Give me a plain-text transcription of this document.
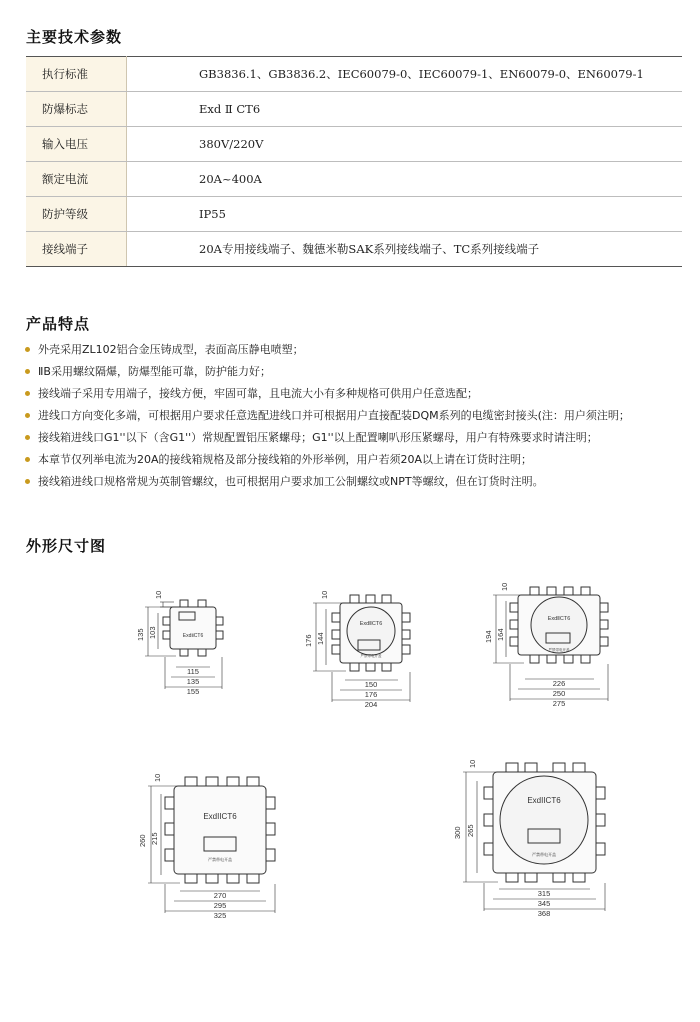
主要技术参数
执行标准	GB3836.1、GB3836.2、IEC60079-0、IEC60079-1、EN60079-0、EN60079-1
防爆标志	Exd Ⅱ CT6
输入电压	380V/220V
额定电流	20A~400A
防护等级	IP55
接线端子	20A专用接线端子、魏德米勒SAK系列接线端子、TC系列接线端子
产品特点
外壳采用ZL102铝合金压铸成型，表面高压静电喷塑；
ⅡB采用螺纹隔爆，防爆型能可靠，防护能力好；
接线端子采用专用端子，接线方便，牢固可靠，且电流大小有多种规格可供用户任意选配；
进线口方向变化多端，可根据用户要求任意选配进线口并可根据用户直接配装DQM系列的电缆密封接头(注：用户须注明；
接线箱进线口G1''以下（含G1''）常规配置铝压紧螺母；G1''以上配置喇叭形压紧螺母，用户有特殊要求时请注明；
本章节仅列举电流为20A的接线箱规格及部分接线箱的外形举例，用户若须20A以上请在订货时注明；
接线箱进线口规格常规为英制管螺纹，也可根据用户要求加工公制螺纹或NPT等螺纹，但在订货时注明。
外形尺寸图
ExdⅡCT6
10
135 103
115
135
155
ExdⅡCT6
严禁带电开盖
10
176 144
150
176
204
ExdⅡCT6
严禁带电开盖
10
194 164
226
250
275
ExdIICT6
严禁带电开盖
10
260 215
270
295
325
ExdIICT6
严禁带电开盖
10
300 265
315
345
368
